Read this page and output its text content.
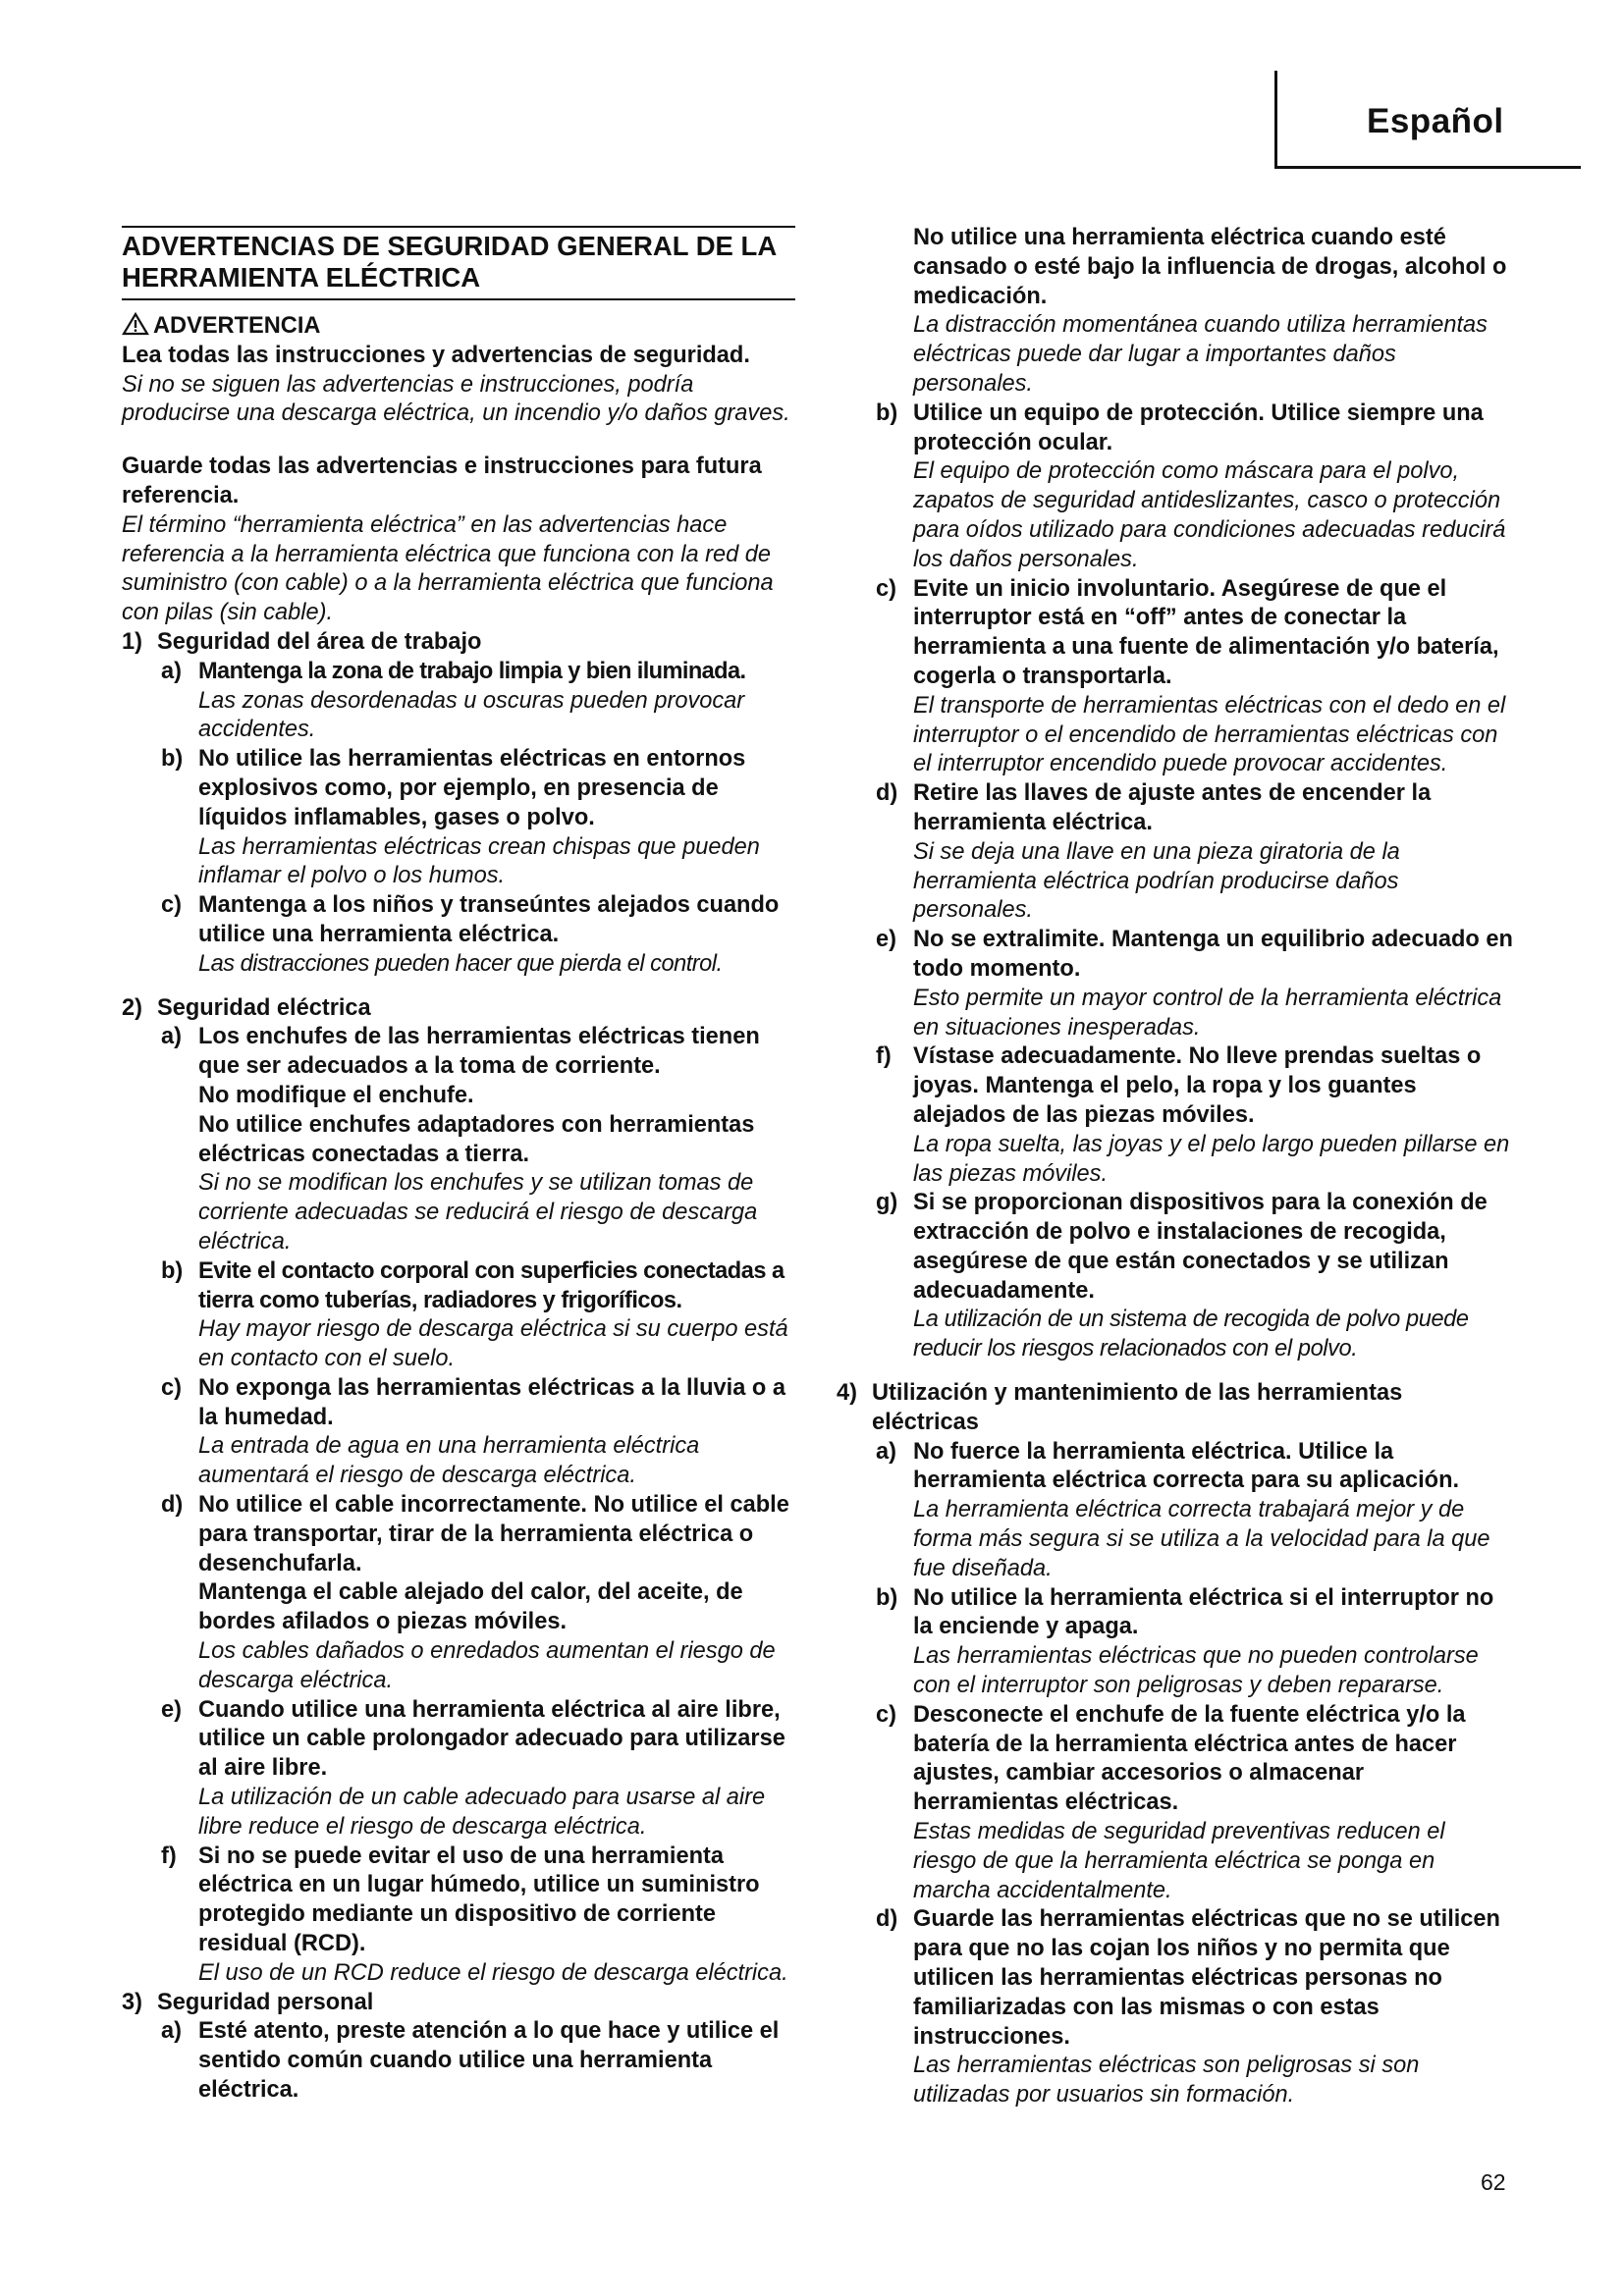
Español
ADVERTENCIAS DE SEGURIDAD GENERAL DE LA HERRAMIENTA ELÉCTRICA

ADVERTENCIA

Lea todas las instrucciones y advertencias de seguridad.

Si no se siguen las advertencias e instrucciones, podría producirse una descarga eléctrica, un incendio y/o daños graves.

Guarde todas las advertencias e instrucciones para futura referencia.

El término “herramienta eléctrica” en las advertencias hace referencia a la herramienta eléctrica que funciona con la red de suministro (con cable) o a la herramienta eléctrica que funciona con pilas (sin cable).

1) Seguridad del área de trabajo
a) Mantenga la zona de trabajo limpia y bien iluminada.

Las zonas desordenadas u oscuras pueden provocar accidentes.

b) No utilice las herramientas eléctricas en entornos explosivos como, por ejemplo, en presencia de líquidos inflamables, gases o polvo.

Las herramientas eléctricas crean chispas que pueden inflamar el polvo o los humos.

c) Mantenga a los niños y transeúntes alejados cuando utilice una herramienta eléctrica.

Las distracciones pueden hacer que pierda el control.

2) Seguridad eléctrica
a) Los enchufes de las herramientas eléctricas tienen que ser adecuados a la toma de corriente.

No modifique el enchufe.

No utilice enchufes adaptadores con herramientas eléctricas conectadas a tierra.

Si no se modifican los enchufes y se utilizan tomas de corriente adecuadas se reducirá el riesgo de descarga eléctrica.

b) Evite el contacto corporal con superficies conectadas a tierra como tuberías, radiadores y frigoríficos.

Hay mayor riesgo de descarga eléctrica si su cuerpo está en contacto con el suelo.

c) No exponga las herramientas eléctricas a la lluvia o a la humedad.

La entrada de agua en una herramienta eléctrica aumentará el riesgo de descarga eléctrica.

d) No utilice el cable incorrectamente. No utilice el cable para transportar, tirar de la herramienta eléctrica o desenchufarla.

Mantenga el cable alejado del calor, del aceite, de bordes afilados o piezas móviles.

Los cables dañados o enredados aumentan el riesgo de descarga eléctrica.

e) Cuando utilice una herramienta eléctrica al aire libre, utilice un cable prolongador adecuado para utilizarse al aire libre.

La utilización de un cable adecuado para usarse al aire libre reduce el riesgo de descarga eléctrica.

f) Si no se puede evitar el uso de una herramienta eléctrica en un lugar húmedo, utilice un suministro protegido mediante un dispositivo de corriente residual (RCD).

El uso de un RCD reduce el riesgo de descarga eléctrica.

3) Seguridad personal
a) Esté atento, preste atención a lo que hace y utilice el sentido común cuando utilice una herramienta eléctrica.

No utilice una herramienta eléctrica cuando esté cansado o esté bajo la influencia de drogas, alcohol o medicación.

La distracción momentánea cuando utiliza herramientas eléctricas puede dar lugar a importantes daños personales.

b) Utilice un equipo de protección. Utilice siempre una protección ocular.

El equipo de protección como máscara para el polvo, zapatos de seguridad antideslizantes, casco o protección para oídos utilizado para condiciones adecuadas reducirá los daños personales.

c) Evite un inicio involuntario. Asegúrese de que el interruptor está en “off” antes de conectar la herramienta a una fuente de alimentación y/o batería, cogerla o transportarla.

El transporte de herramientas eléctricas con el dedo en el interruptor o el encendido de herramientas eléctricas con el interruptor encendido puede provocar accidentes.

d) Retire las llaves de ajuste antes de encender la herramienta eléctrica.

Si se deja una llave en una pieza giratoria de la herramienta eléctrica podrían producirse daños personales.

e) No se extralimite. Mantenga un equilibrio adecuado en todo momento.

Esto permite un mayor control de la herramienta eléctrica en situaciones inesperadas.

f) Vístase adecuadamente. No lleve prendas sueltas o joyas. Mantenga el pelo, la ropa y los guantes alejados de las piezas móviles.

La ropa suelta, las joyas y el pelo largo pueden pillarse en las piezas móviles.

g) Si se proporcionan dispositivos para la conexión de extracción de polvo e instalaciones de recogida, asegúrese de que están conectados y se utilizan adecuadamente.

La utilización de un sistema de recogida de polvo puede reducir los riesgos relacionados con el polvo.

4) Utilización y mantenimiento de las herramientas eléctricas
a) No fuerce la herramienta eléctrica. Utilice la herramienta eléctrica correcta para su aplicación.

La herramienta eléctrica correcta trabajará mejor y de forma más segura si se utiliza a la velocidad para la que fue diseñada.

b) No utilice la herramienta eléctrica si el interruptor no la enciende y apaga.

Las herramientas eléctricas que no pueden controlarse con el interruptor son peligrosas y deben repararse.

c) Desconecte el enchufe de la fuente eléctrica y/o la batería de la herramienta eléctrica antes de hacer ajustes, cambiar accesorios o almacenar herramientas eléctricas.

Estas medidas de seguridad preventivas reducen el riesgo de que la herramienta eléctrica se ponga en marcha accidentalmente.

d) Guarde las herramientas eléctricas que no se utilicen para que no las cojan los niños y no permita que utilicen las herramientas eléctricas personas no familiarizadas con las mismas o con estas instrucciones.

Las herramientas eléctricas son peligrosas si son utilizadas por usuarios sin formación.

62
